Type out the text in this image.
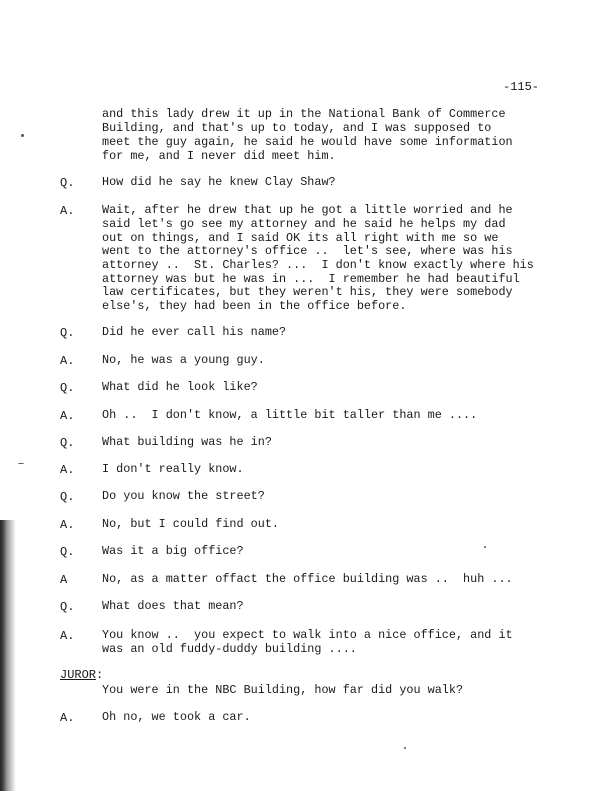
-115-
and this lady drew it up in the National Bank of Commerce
Building, and that's up to today, and I was supposed to
meet the guy again, he said he would have some information
for me, and I never did meet him.
Q. How did he say he knew Clay Shaw?
A. Wait, after he drew that up he got a little worried and he
said let's go see my attorney and he said he helps my dad
out on things, and I said OK its all right with me so we
went to the attorney's office ..  let's see, where was his
attorney ..  St. Charles? ...  I don't know exactly where his
attorney was but he was in ...  I remember he had beautiful
law certificates, but they weren't his, they were somebody
else's, they had been in the office before.
Q. Did he ever call his name?
A. No, he was a young guy.
Q. What did he look like?
A. Oh ..  I don't know, a little bit taller than me ....
Q. What building was he in?
A. I don't really know.
Q. Do you know the street?
A. No, but I could find out.
Q. Was it a big office?
A	No, as a matter offact the office building was ..  huh ...
Q. What does that mean?
A. You know ..  you expect to walk into a nice office, and it
was an old fuddy-duddy building ....
JUROR:
You were in the NBC Building, how far did you walk?
A. Oh no, we took a car.
